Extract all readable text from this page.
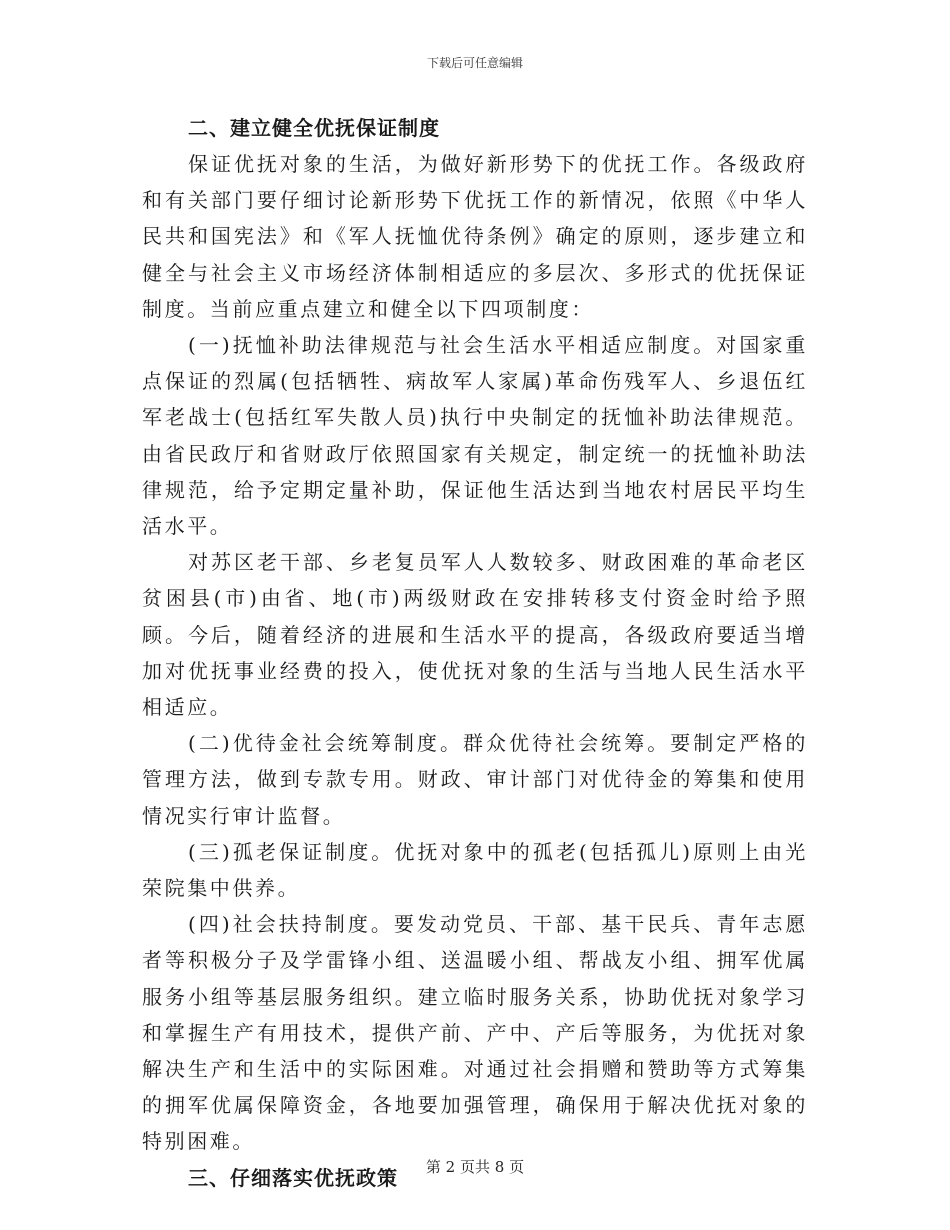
下载后可任意编辑

二、建立健全优抚保证制度

保证优抚对象的生活，为做好新形势下的优抚工作。各级政府和有关部门要仔细讨论新形势下优抚工作的新情况，依照《中华人民共和国宪法》和《军人抚恤优待条例》确定的原则，逐步建立和健全与社会主义市场经济体制相适应的多层次、多形式的优抚保证制度。当前应重点建立和健全以下四项制度：

(一)抚恤补助法律规范与社会生活水平相适应制度。对国家重点保证的烈属(包括牺牲、病故军人家属)革命伤残军人、乡退伍红军老战士(包括红军失散人员)执行中央制定的抚恤补助法律规范。由省民政厅和省财政厅依照国家有关规定，制定统一的抚恤补助法律规范，给予定期定量补助，保证他生活达到当地农村居民平均生活水平。

对苏区老干部、乡老复员军人人数较多、财政困难的革命老区贫困县(市)由省、地(市)两级财政在安排转移支付资金时给予照顾。今后，随着经济的进展和生活水平的提高，各级政府要适当增加对优抚事业经费的投入，使优抚对象的生活与当地人民生活水平相适应。

(二)优待金社会统筹制度。群众优待社会统筹。要制定严格的管理方法，做到专款专用。财政、审计部门对优待金的筹集和使用情况实行审计监督。

(三)孤老保证制度。优抚对象中的孤老(包括孤儿)原则上由光荣院集中供养。

(四)社会扶持制度。要发动党员、干部、基干民兵、青年志愿者等积极分子及学雷锋小组、送温暖小组、帮战友小组、拥军优属服务小组等基层服务组织。建立临时服务关系，协助优抚对象学习和掌握生产有用技术，提供产前、产中、产后等服务，为优抚对象解决生产和生活中的实际困难。对通过社会捐赠和赞助等方式筹集的拥军优属保障资金，各地要加强管理，确保用于解决优抚对象的特别困难。

三、仔细落实优抚政策	第 2 页共 8 页
